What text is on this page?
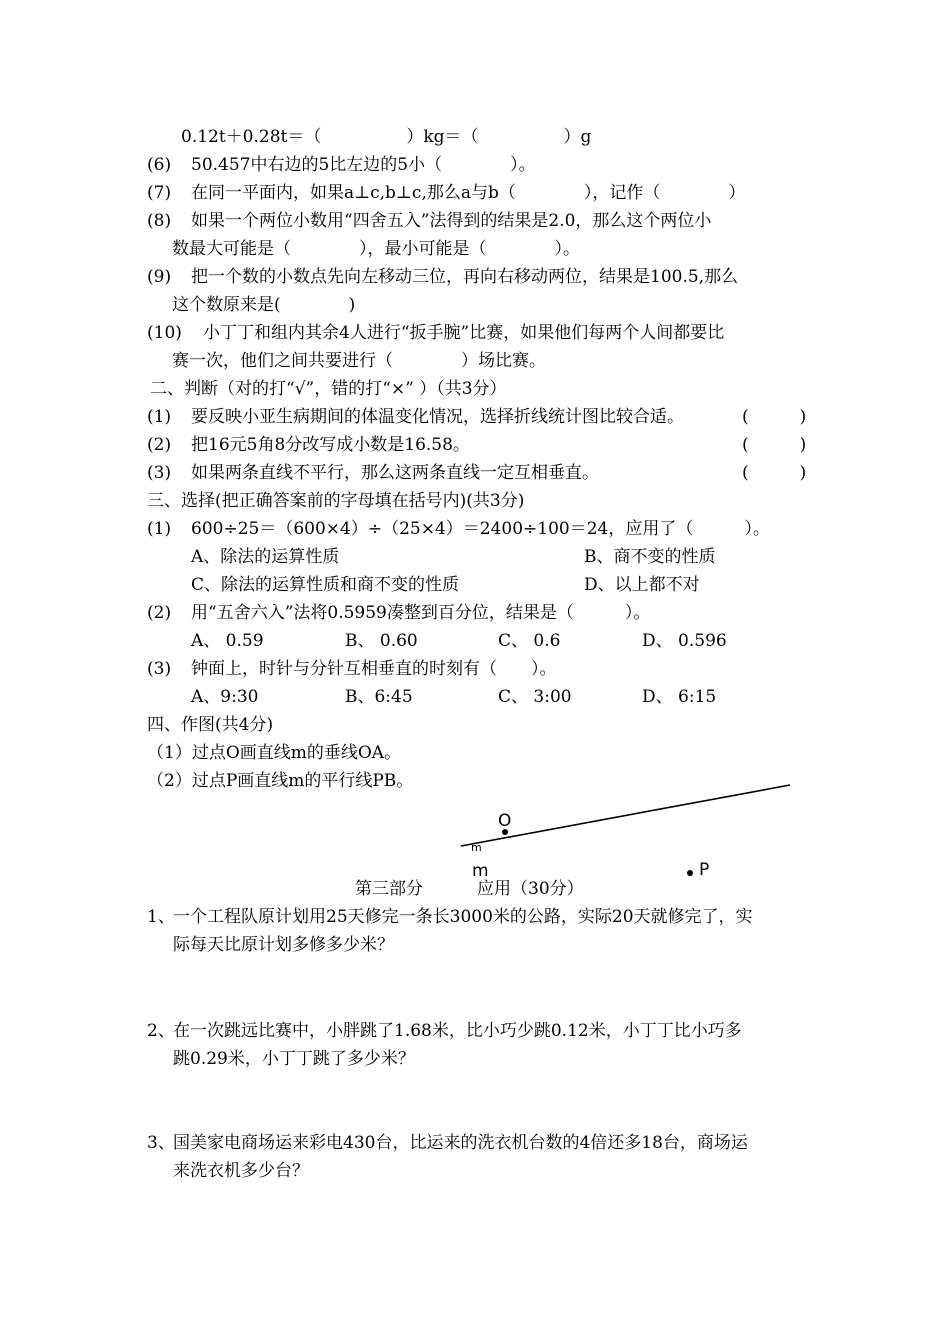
0.12t＋0.28t＝（　　　　　）kg＝（　　　　　）g
(6) 50.457中右边的5比左边的5小（　　　　）。
(7) 在同一平面内，如果a⊥c,b⊥c,那么a与b（　　　　），记作（　　　　）
(8) 如果一个两位小数用“四舍五入”法得到的结果是2.0，那么这个两位小
数最大可能是（　　　　），最小可能是（　　　　）。
(9) 把一个数的小数点先向左移动三位，再向右移动两位，结果是100.5,那么
这个数原来是(　　　　)
(10) 小丁丁和组内其余4人进行“扳手腕”比赛，如果他们每两个人间都要比
赛一次，他们之间共要进行（　　　　）场比赛。
二、判断（对的打“√”，错的打“×” ）（共3分）
(1) 要反映小亚生病期间的体温变化情况，选择折线统计图比较合适。	(　　　)
(2) 把16元5角8分改写成小数是16.58。	(　　　)
(3) 如果两条直线不平行，那么这两条直线一定互相垂直。	(　　　)
三、选择(把正确答案前的字母填在括号内)(共3分)
(1) 600÷25＝（600×4）÷（25×4）＝2400÷100＝24，应用了（　　　）。
A、除法的运算性质	B、商不变的性质
C、除法的运算性质和商不变的性质	D、以上都不对
(2) 用“五舍六入”法将0.5959凑整到百分位，结果是（　　　）。
A、 0.59	B、 0.60	C、 0.6	D、 0.596
(3) 钟面上，时针与分针互相垂直的时刻有（　　）。
A、9:30	B、6:45	C、 3:00	D、 6:15
四、作图(共4分)
（1）过点O画直线m的垂线OA。
（2）过点P画直线m的平行线PB。
O
m
m	P
第三部分	应用（30分）
1、
一个工程队原计划用25天修完一条长3000米的公路，实际20天就修完了，实
际每天比原计划多修多少米？
2、
在一次跳远比赛中，小胖跳了1.68米，比小巧少跳0.12米，小丁丁比小巧多
跳0.29米，小丁丁跳了多少米？
3、
国美家电商场运来彩电430台，比运来的洗衣机台数的4倍还多18台，商场运
来洗衣机多少台？
